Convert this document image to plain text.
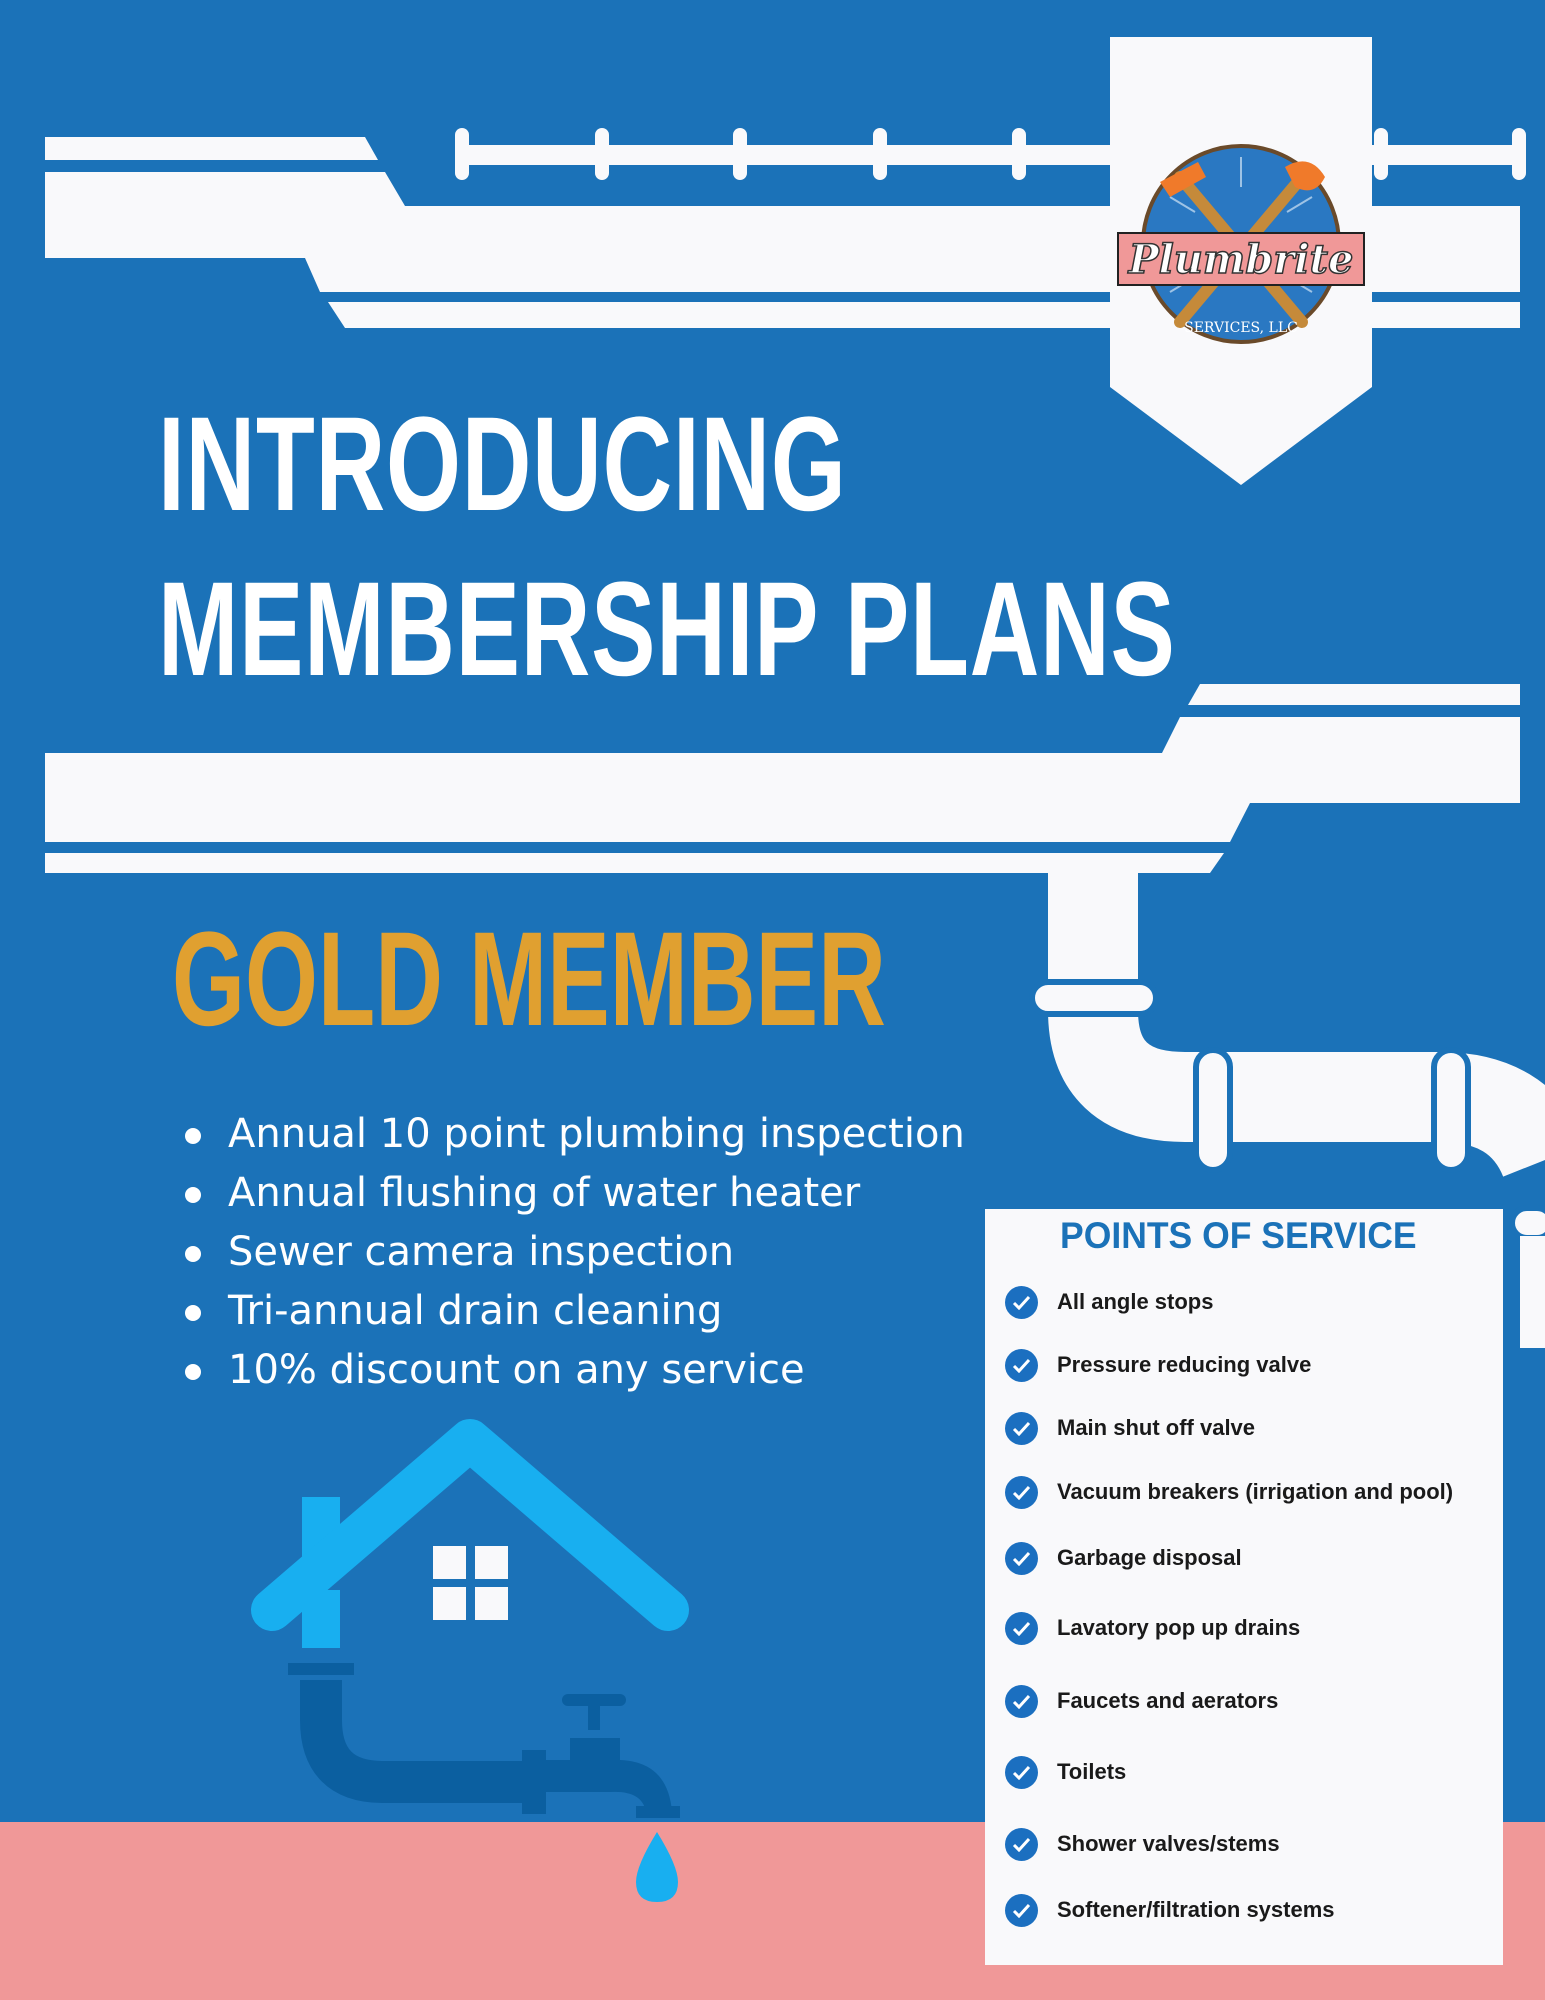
Plumbrite
SERVICES, LLC
INTRODUCING
MEMBERSHIP PLANS
GOLD MEMBER
Annual 10 point plumbing inspection
Annual flushing of water heater
Sewer camera inspection
Tri-annual drain cleaning
10% discount on any service
POINTS OF SERVICE
All angle stops
Pressure reducing valve
Main shut off valve
Vacuum breakers (irrigation and pool)
Garbage disposal
Lavatory pop up drains
Faucets and aerators
Toilets
Shower valves/stems
Softener/filtration systems
